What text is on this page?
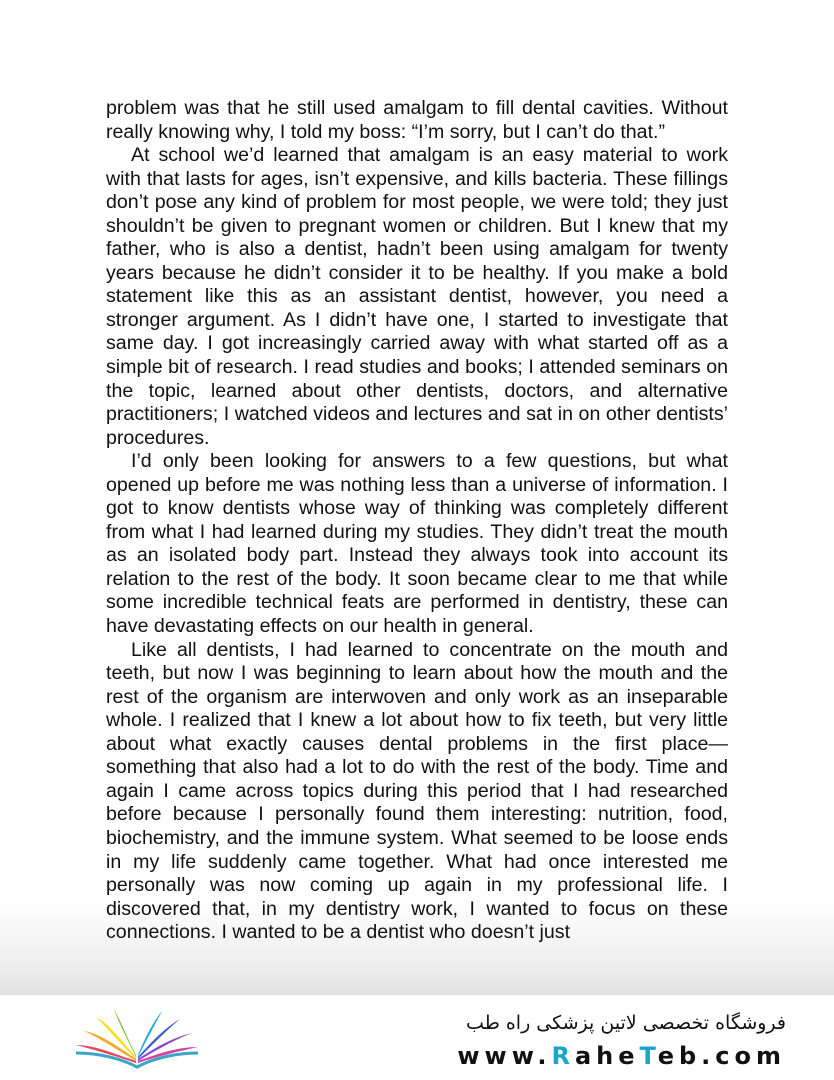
problem was that he still used amalgam to fill dental cavities. Without really knowing why, I told my boss: “I’m sorry, but I can’t do that.”

At school we’d learned that amalgam is an easy material to work with that lasts for ages, isn’t expensive, and kills bacteria. These fillings don’t pose any kind of problem for most people, we were told; they just shouldn’t be given to pregnant women or children. But I knew that my father, who is also a dentist, hadn’t been using amalgam for twenty years because he didn’t consider it to be healthy. If you make a bold statement like this as an assistant dentist, however, you need a stronger argument. As I didn’t have one, I started to investigate that same day. I got increasingly carried away with what started off as a simple bit of research. I read studies and books; I attended seminars on the topic, learned about other dentists, doctors, and alternative practitioners; I watched videos and lectures and sat in on other dentists’ procedures.

I’d only been looking for answers to a few questions, but what opened up before me was nothing less than a universe of information. I got to know dentists whose way of thinking was completely different from what I had learned during my studies. They didn’t treat the mouth as an isolated body part. Instead they always took into account its relation to the rest of the body. It soon became clear to me that while some incredible technical feats are performed in dentistry, these can have devastating effects on our health in general.

Like all dentists, I had learned to concentrate on the mouth and teeth, but now I was beginning to learn about how the mouth and the rest of the organism are interwoven and only work as an inseparable whole. I realized that I knew a lot about how to fix teeth, but very little about what exactly causes dental problems in the first place—something that also had a lot to do with the rest of the body. Time and again I came across topics during this period that I had researched before because I personally found them interesting: nutrition, food, biochemistry, and the immune system. What seemed to be loose ends in my life suddenly came together. What had once interested me personally was now coming up again in my professional life. I discovered that, in my dentistry work, I wanted to focus on these connections. I wanted to be a dentist who doesn’t just

فروشگاه تخصصی لاتین پزشکی راه طب
www.RaheTeb.com
